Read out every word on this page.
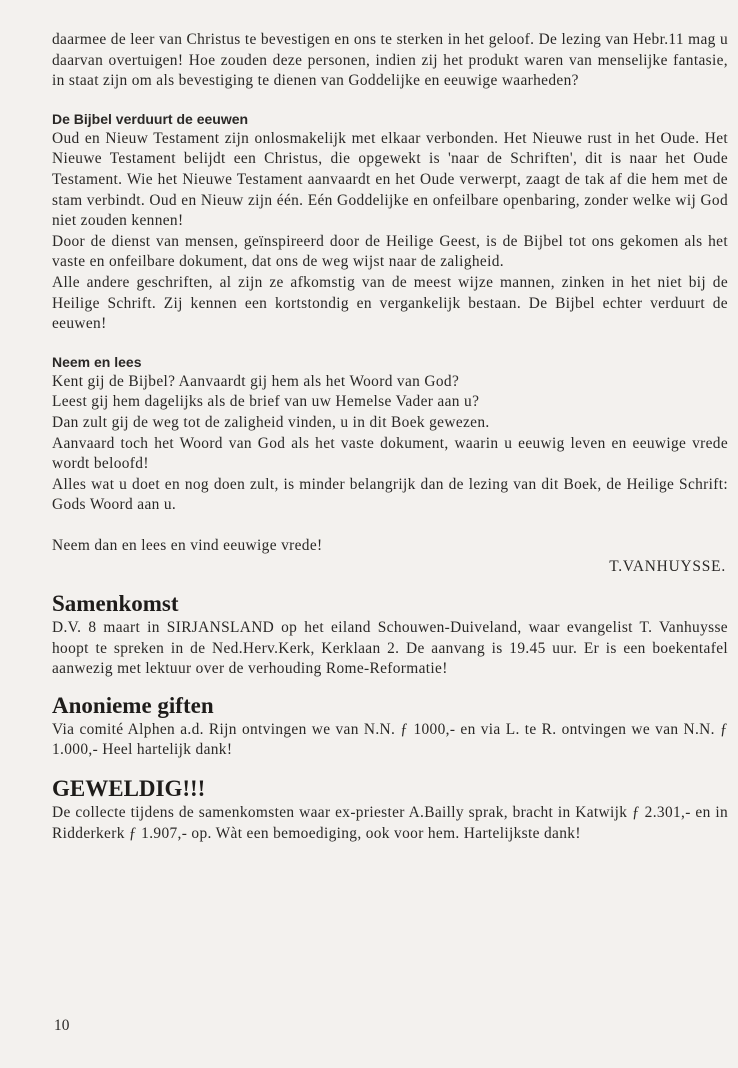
daarmee de leer van Christus te bevestigen en ons te sterken in het geloof. De lezing van Hebr.11 mag u daarvan overtuigen! Hoe zouden deze personen, indien zij het produkt waren van menselijke fantasie, in staat zijn om als bevestiging te dienen van Goddelijke en eeuwige waarheden?

De Bijbel verduurt de eeuwen

Oud en Nieuw Testament zijn onlosmakelijk met elkaar verbonden. Het Nieuwe rust in het Oude. Het Nieuwe Testament belijdt een Christus, die opgewekt is 'naar de Schriften', dit is naar het Oude Testament. Wie het Nieuwe Testament aanvaardt en het Oude verwerpt, zaagt de tak af die hem met de stam verbindt. Oud en Nieuw zijn één. Eén Goddelijke en onfeilbare openbaring, zonder welke wij God niet zouden kennen!

Door de dienst van mensen, geïnspireerd door de Heilige Geest, is de Bijbel tot ons gekomen als het vaste en onfeilbare dokument, dat ons de weg wijst naar de zaligheid.

Alle andere geschriften, al zijn ze afkomstig van de meest wijze mannen, zinken in het niet bij de Heilige Schrift. Zij kennen een kortstondig en vergankelijk bestaan. De Bijbel echter verduurt de eeuwen!

Neem en lees

Kent gij de Bijbel? Aanvaardt gij hem als het Woord van God?

Leest gij hem dagelijks als de brief van uw Hemelse Vader aan u?

Dan zult gij de weg tot de zaligheid vinden, u in dit Boek gewezen.

Aanvaard toch het Woord van God als het vaste dokument, waarin u eeuwig leven en eeuwige vrede wordt beloofd!

Alles wat u doet en nog doen zult, is minder belangrijk dan de lezing van dit Boek, de Heilige Schrift: Gods Woord aan u.

Neem dan en lees en vind eeuwige vrede!

T.VANHUYSSE.
Samenkomst

D.V. 8 maart in SIRJANSLAND op het eiland Schouwen-Duiveland, waar evangelist T. Vanhuysse hoopt te spreken in de Ned.Herv.Kerk, Kerklaan 2. De aanvang is 19.45 uur. Er is een boekentafel aanwezig met lektuur over de verhouding Rome-Reformatie!

Anonieme giften

Via comité Alphen a.d. Rijn ontvingen we van N.N. ƒ 1000,- en via L. te R. ontvingen we van N.N. ƒ 1.000,- Heel hartelijk dank!

GEWELDIG!!!

De collecte tijdens de samenkomsten waar ex-priester A.Bailly sprak, bracht in Katwijk ƒ 2.301,- en in Ridderkerk ƒ 1.907,- op. Wàt een bemoediging, ook voor hem. Hartelijkste dank!

10
